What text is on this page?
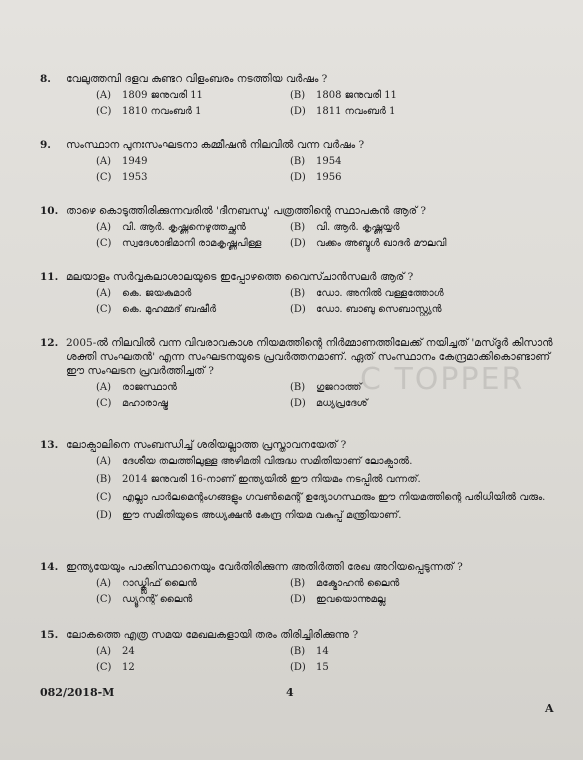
C TOPPER
8.	വേലുത്തമ്പി ദളവ കുണ്ടറ വിളംബരം നടത്തിയ വർഷം ?
(A)	1809 ജനുവരി 11	(B)	1808 ജനുവരി 11
(C)	1810 നവംബർ 1	(D)	1811 നവംബർ 1
9.	സംസ്ഥാന പുനഃസംഘടനാ കമ്മീഷൻ നിലവിൽ വന്ന വർഷം ?
(A)	1949	(B)	1954
(C)	1953	(D)	1956
10. താഴെ കൊടുത്തിരിക്കുന്നവരിൽ 'ദീനബന്ധു' പത്രത്തിന്റെ സ്ഥാപകൻ ആര് ?
(A)	വി. ആർ. കൃഷ്ണനെഴുത്തച്ഛൻ	(B)	വി. ആർ. കൃഷ്ണയ്യർ
(C)	സ്വദേശാഭിമാനി രാമകൃഷ്ണപിള്ള	(D)	വക്കം അബ്ദുൾ ഖാദർ മൗലവി
11. മലയാളം സർവ്വകലാശാലയുടെ ഇപ്പോഴത്തെ വൈസ്ചാൻസലർ ആര് ?
(A)	കെ. ജയകുമാർ	(B)	ഡോ. അനിൽ വള്ളത്തോൾ
(C)	കെ. മുഹമ്മദ് ബഷീർ	(D)	ഡോ. ബാബു സെബാസ്റ്റ്യൻ
12. 2005-ൽ നിലവിൽ വന്ന വിവരാവകാശ നിയമത്തിന്റെ നിർമ്മാണത്തിലേക്ക് നയിച്ചത് 'മസ്ദൂർ കിസാൻ ശക്തി സംഘതൻ' എന്ന സംഘടനയുടെ പ്രവർത്തനമാണ്. ഏത് സംസ്ഥാനം കേന്ദ്രമാക്കികൊണ്ടാണ് ഈ സംഘടന പ്രവർത്തിച്ചത് ?
(A)	രാജസ്ഥാൻ	(B)	ഗുജറാത്ത്
(C)	മഹാരാഷ്ട്ര	(D)	മധ്യപ്രദേശ്
13. ലോക്പാലിനെ സംബന്ധിച്ച് ശരിയല്ലാത്ത പ്രസ്താവനയേത് ?
(A)	ദേശീയ തലത്തിലുള്ള അഴിമതി വിരുദ്ധ സമിതിയാണ് ലോക്പാൽ.
(B)	2014 ജനുവരി 16-നാണ് ഇന്ത്യയിൽ ഈ നിയമം നടപ്പിൽ വന്നത്.
(C)	എല്ലാ പാർലമെന്റംഗങ്ങളും ഗവൺമെന്റ് ഉദ്യോഗസ്ഥരും ഈ നിയമത്തിന്റെ പരിധിയിൽ വരും.
(D)	ഈ സമിതിയുടെ അധ്യക്ഷൻ കേന്ദ്ര നിയമ വകുപ്പ് മന്ത്രിയാണ്.
14. ഇന്ത്യയേയും പാക്കിസ്ഥാനെയും വേർതിരിക്കുന്ന അതിർത്തി രേഖ അറിയപ്പെടുന്നത് ?
(A)	റാഡ്ക്ലിഫ് ലൈൻ	(B)	മക്മോഹൻ ലൈൻ
(C)	ഡ്യൂറന്റ് ലൈൻ	(D)	ഇവയൊന്നുമല്ല
15. ലോകത്തെ എത്ര സമയ മേഖലകളായി തരം തിരിച്ചിരിക്കുന്നു ?
(A)	24	(B)	14
(C)	12	(D)	15
082/2018-M	4
A
